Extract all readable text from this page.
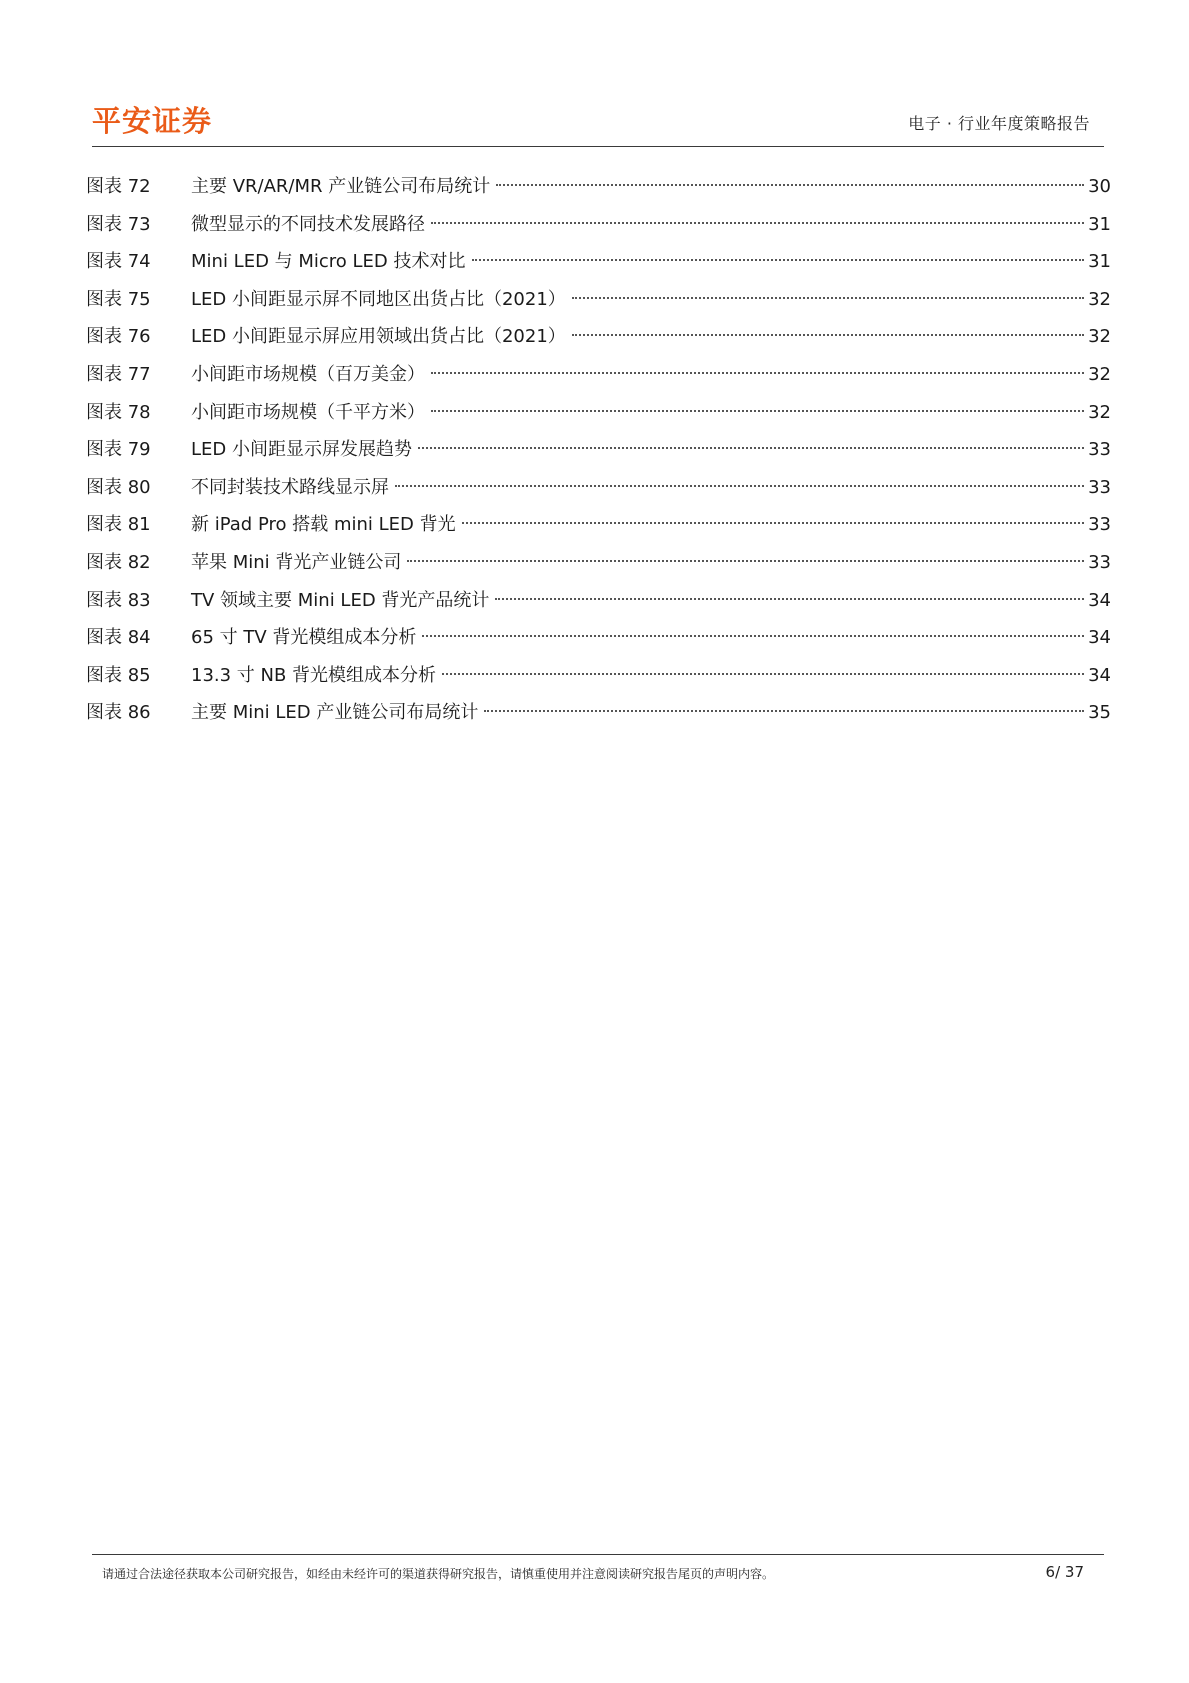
平安证券	电子 · 行业年度策略报告
图表 72	主要 VR/AR/MR 产业链公司布局统计	30
图表 73	微型显示的不同技术发展路径	31
图表 74	Mini LED 与 Micro LED 技术对比	31
图表 75	LED 小间距显示屏不同地区出货占比（2021）	32
图表 76	LED 小间距显示屏应用领域出货占比（2021）	32
图表 77	小间距市场规模（百万美金）	32
图表 78	小间距市场规模（千平方米）	32
图表 79	LED 小间距显示屏发展趋势	33
图表 80	不同封装技术路线显示屏	33
图表 81	新 iPad Pro 搭载 mini LED 背光	33
图表 82	苹果 Mini 背光产业链公司	33
图表 83	TV 领域主要 Mini LED 背光产品统计	34
图表 84	65 寸 TV 背光模组成本分析	34
图表 85	13.3 寸 NB 背光模组成本分析	34
图表 86	主要 Mini LED 产业链公司布局统计	35
请通过合法途径获取本公司研究报告，如经由未经许可的渠道获得研究报告，请慎重使用并注意阅读研究报告尾页的声明内容。	6/ 37
